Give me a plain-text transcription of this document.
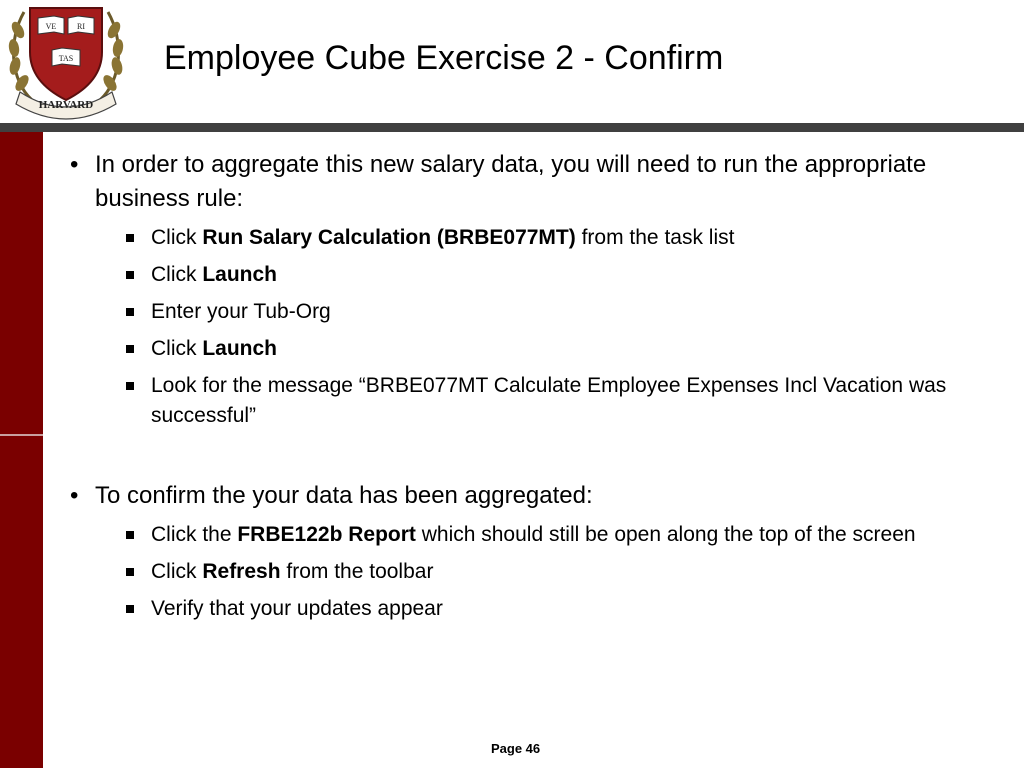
VE	RI
TAS
HARVARD
Employee Cube Exercise 2 - Confirm
• In order to aggregate this new salary data, you will need to run the appropriate business rule:
Click Run Salary Calculation (BRBE077MT) from the task list
Click Launch
Enter your Tub-Org
Click Launch
Look for the message “BRBE077MT Calculate Employee Expenses Incl Vacation was successful”
• To confirm the your data has been aggregated:
Click the FRBE122b Report which should still be open along the top of the screen
Click Refresh from the toolbar
Verify that your updates appear
Page 46
